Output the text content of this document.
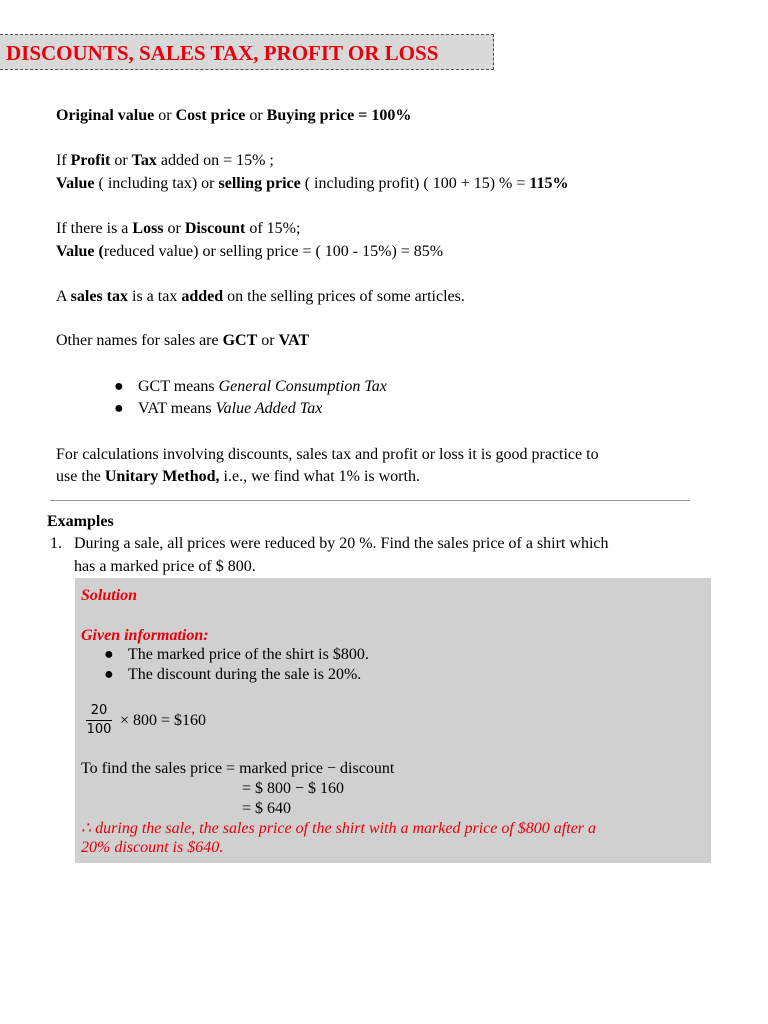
DISCOUNTS, SALES TAX, PROFIT OR LOSS
Original value or Cost price or Buying price = 100%
If Profit or Tax added on = 15% ;
Value ( including tax) or selling price ( including profit) ( 100 + 15) % = 115%
If there is a Loss or Discount of 15%;
Value (reduced value) or selling price = ( 100 - 15%) = 85%
A sales tax is a tax added on the selling prices of some articles.
Other names for sales are GCT or VAT
● GCT means General Consumption Tax
● VAT means Value Added Tax
For calculations involving discounts, sales tax and profit or loss it is good practice to
use the Unitary Method, i.e., we find what 1% is worth.
Examples
1. During a sale, all prices were reduced by 20 %. Find the sales price of a shirt which
has a marked price of $ 800.
Solution
Given information:
● The marked price of the shirt is $800.
● The discount during the sale is 20%.
20
100
× 800 = $160
To find the sales price = marked price − discount
= $ 800 − $ 160
= $ 640
∴ during the sale, the sales price of the shirt with a marked price of $800 after a
20% discount is $640.
